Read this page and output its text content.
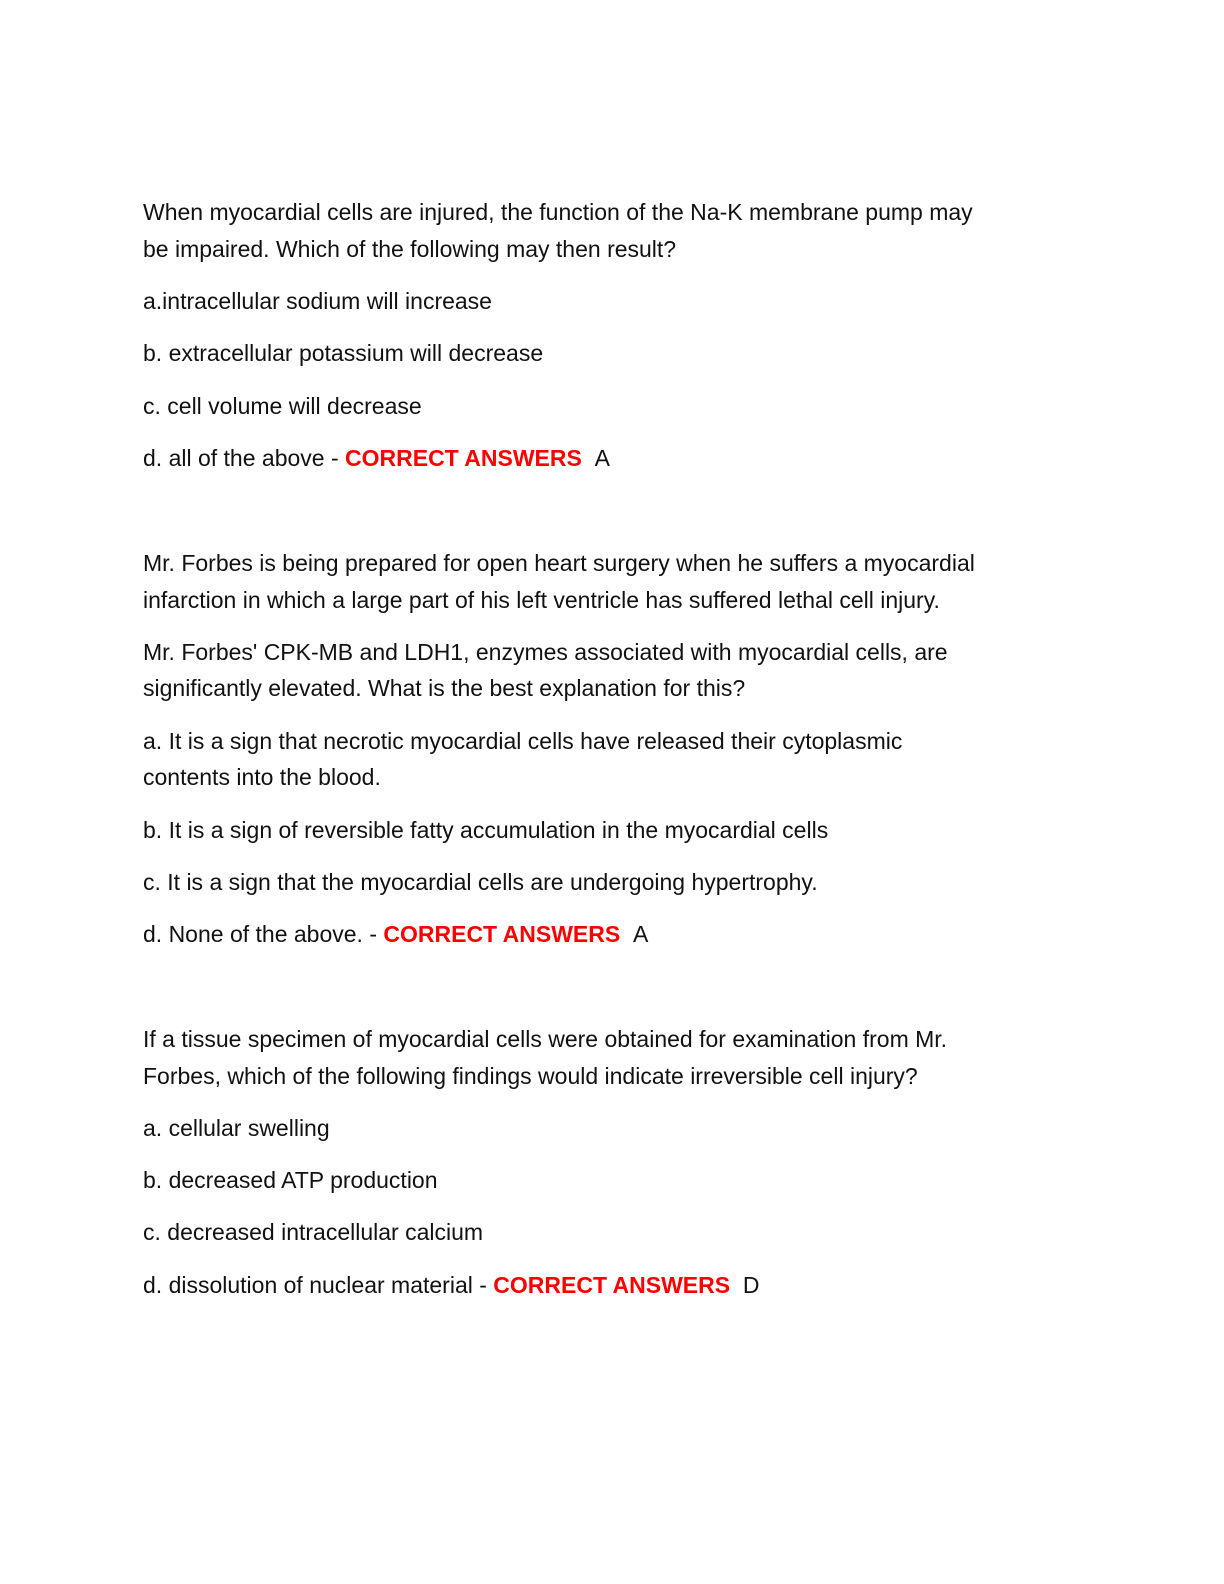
When myocardial cells are injured, the function of the Na-K membrane pump may

be impaired. Which of the following may then result?

a.intracellular sodium will increase

b. extracellular potassium will decrease

c. cell volume will decrease

d. all of the above - CORRECT ANSWERS A

Mr. Forbes is being prepared for open heart surgery when he suffers a myocardial

infarction in which a large part of his left ventricle has suffered lethal cell injury.

Mr. Forbes' CPK-MB and LDH1, enzymes associated with myocardial cells, are

significantly elevated. What is the best explanation for this?

a. It is a sign that necrotic myocardial cells have released their cytoplasmic

contents into the blood.

b. It is a sign of reversible fatty accumulation in the myocardial cells

c. It is a sign that the myocardial cells are undergoing hypertrophy.

d. None of the above. - CORRECT ANSWERS A

If a tissue specimen of myocardial cells were obtained for examination from Mr.

Forbes, which of the following findings would indicate irreversible cell injury?

a. cellular swelling

b. decreased ATP production

c. decreased intracellular calcium

d. dissolution of nuclear material - CORRECT ANSWERS D
